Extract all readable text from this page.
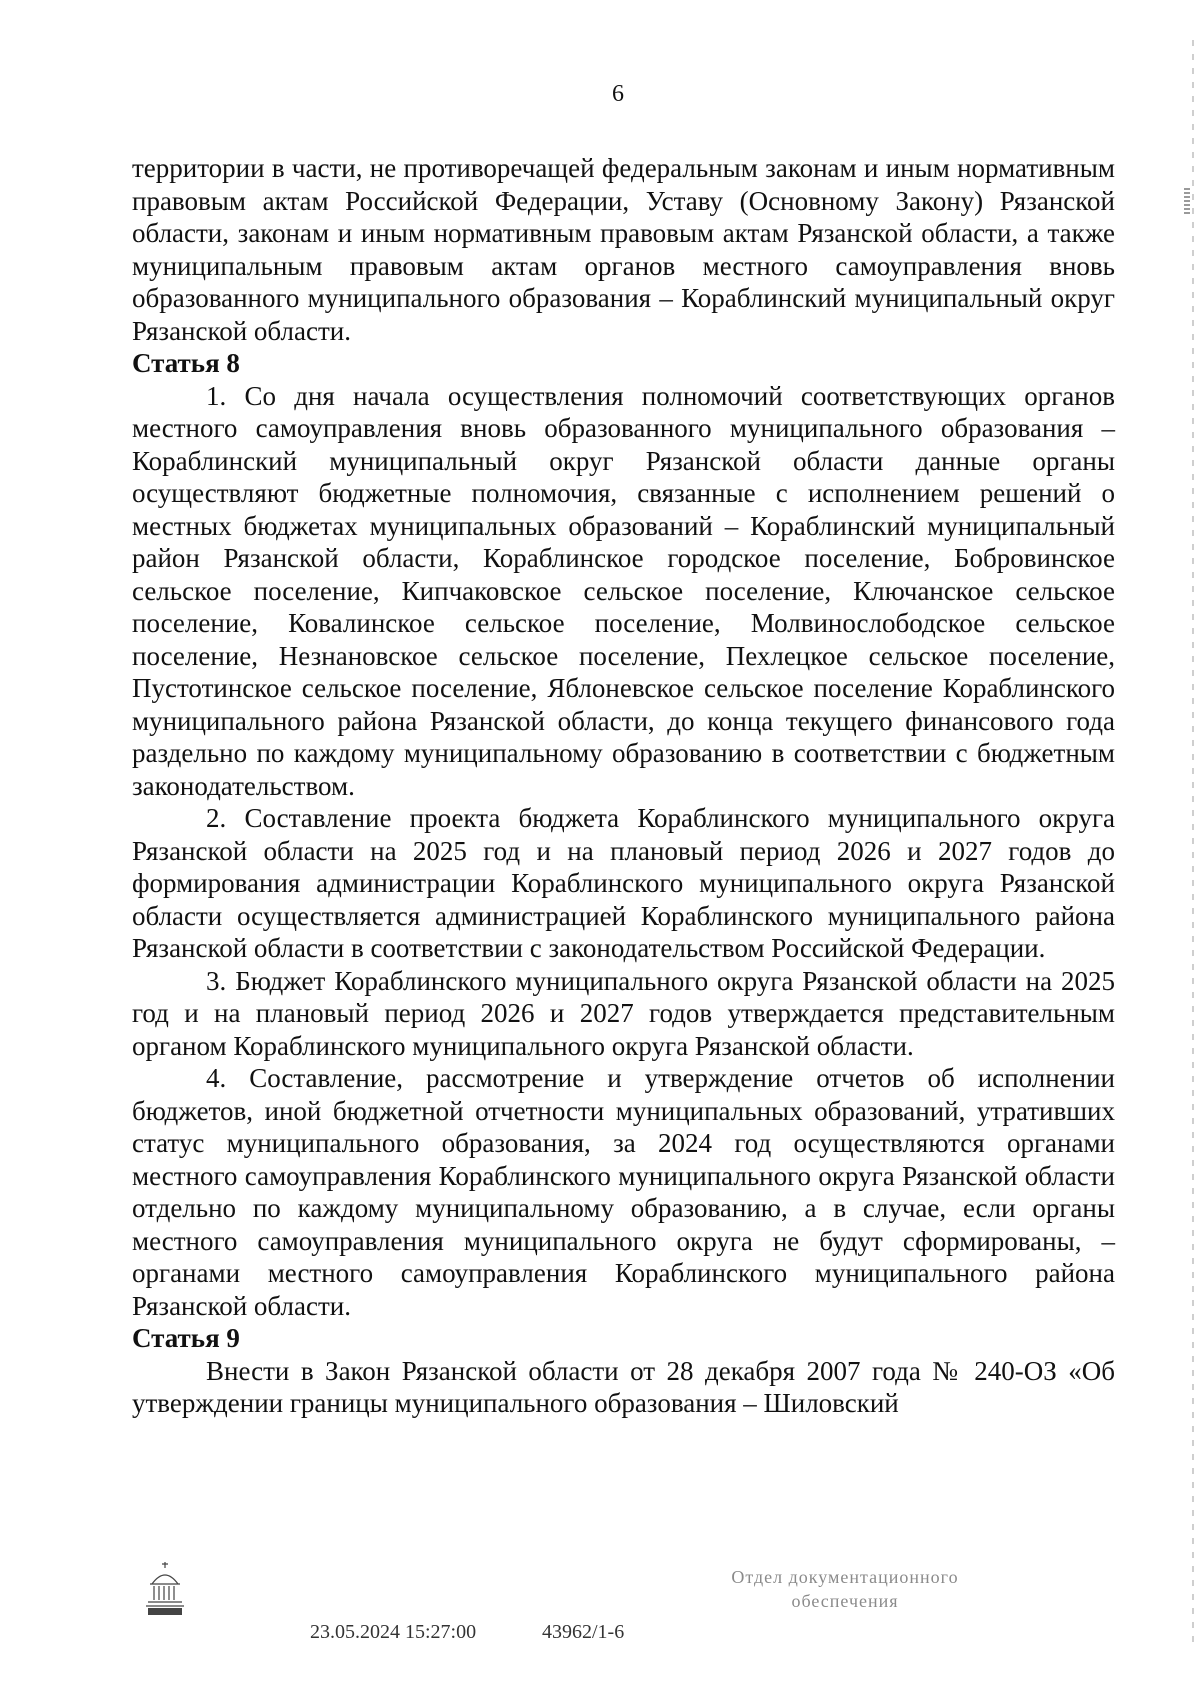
6

территории в части, не противоречащей федеральным законам и иным нормативным правовым актам Российской Федерации, Уставу (Основному Закону) Рязанской области, законам и иным нормативным правовым актам Рязанской области, а также муниципальным правовым актам органов местного самоуправления вновь образованного муниципального образования – Кораблинский муниципальный округ Рязанской области.

Статья 8

1. Со дня начала осуществления полномочий соответствующих органов местного самоуправления вновь образованного муниципального образования – Кораблинский муниципальный округ Рязанской области данные органы осуществляют бюджетные полномочия, связанные с исполнением решений о местных бюджетах муниципальных образований – Кораблинский муниципальный район Рязанской области, Кораблинское городское поселение, Бобровинское сельское поселение, Кипчаковское сельское поселение, Ключанское сельское поселение, Ковалинское сельское поселение, Молвинослободское сельское поселение, Незнановское сельское поселение, Пехлецкое сельское поселение, Пустотинское сельское поселение, Яблоневское сельское поселение Кораблинского муниципального района Рязанской области, до конца текущего финансового года раздельно по каждому муниципальному образованию в соответствии с бюджетным законодательством.

2. Составление проекта бюджета Кораблинского муниципального округа Рязанской области на 2025 год и на плановый период 2026 и 2027 годов до формирования администрации Кораблинского муниципального округа Рязанской области осуществляется администрацией Кораблинского муниципального района Рязанской области в соответствии с законодательством Российской Федерации.

3. Бюджет Кораблинского муниципального округа Рязанской области на 2025 год и на плановый период 2026 и 2027 годов утверждается представительным органом Кораблинского муниципального округа Рязанской области.

4. Составление, рассмотрение и утверждение отчетов об исполнении бюджетов, иной бюджетной отчетности муниципальных образований, утративших статус муниципального образования, за 2024 год осуществляются органами местного самоуправления Кораблинского муниципального округа Рязанской области отдельно по каждому муниципальному образованию, а в случае, если органы местного самоуправления муниципального округа не будут сформированы, – органами местного самоуправления Кораблинского муниципального района Рязанской области.

Статья 9

Внести в Закон Рязанской области от 28 декабря 2007 года № 240-ОЗ «Об утверждении границы муниципального образования – Шиловский

23.05.2024 15:27:00	43962/1-6
Отдел документационного
обеспечения
